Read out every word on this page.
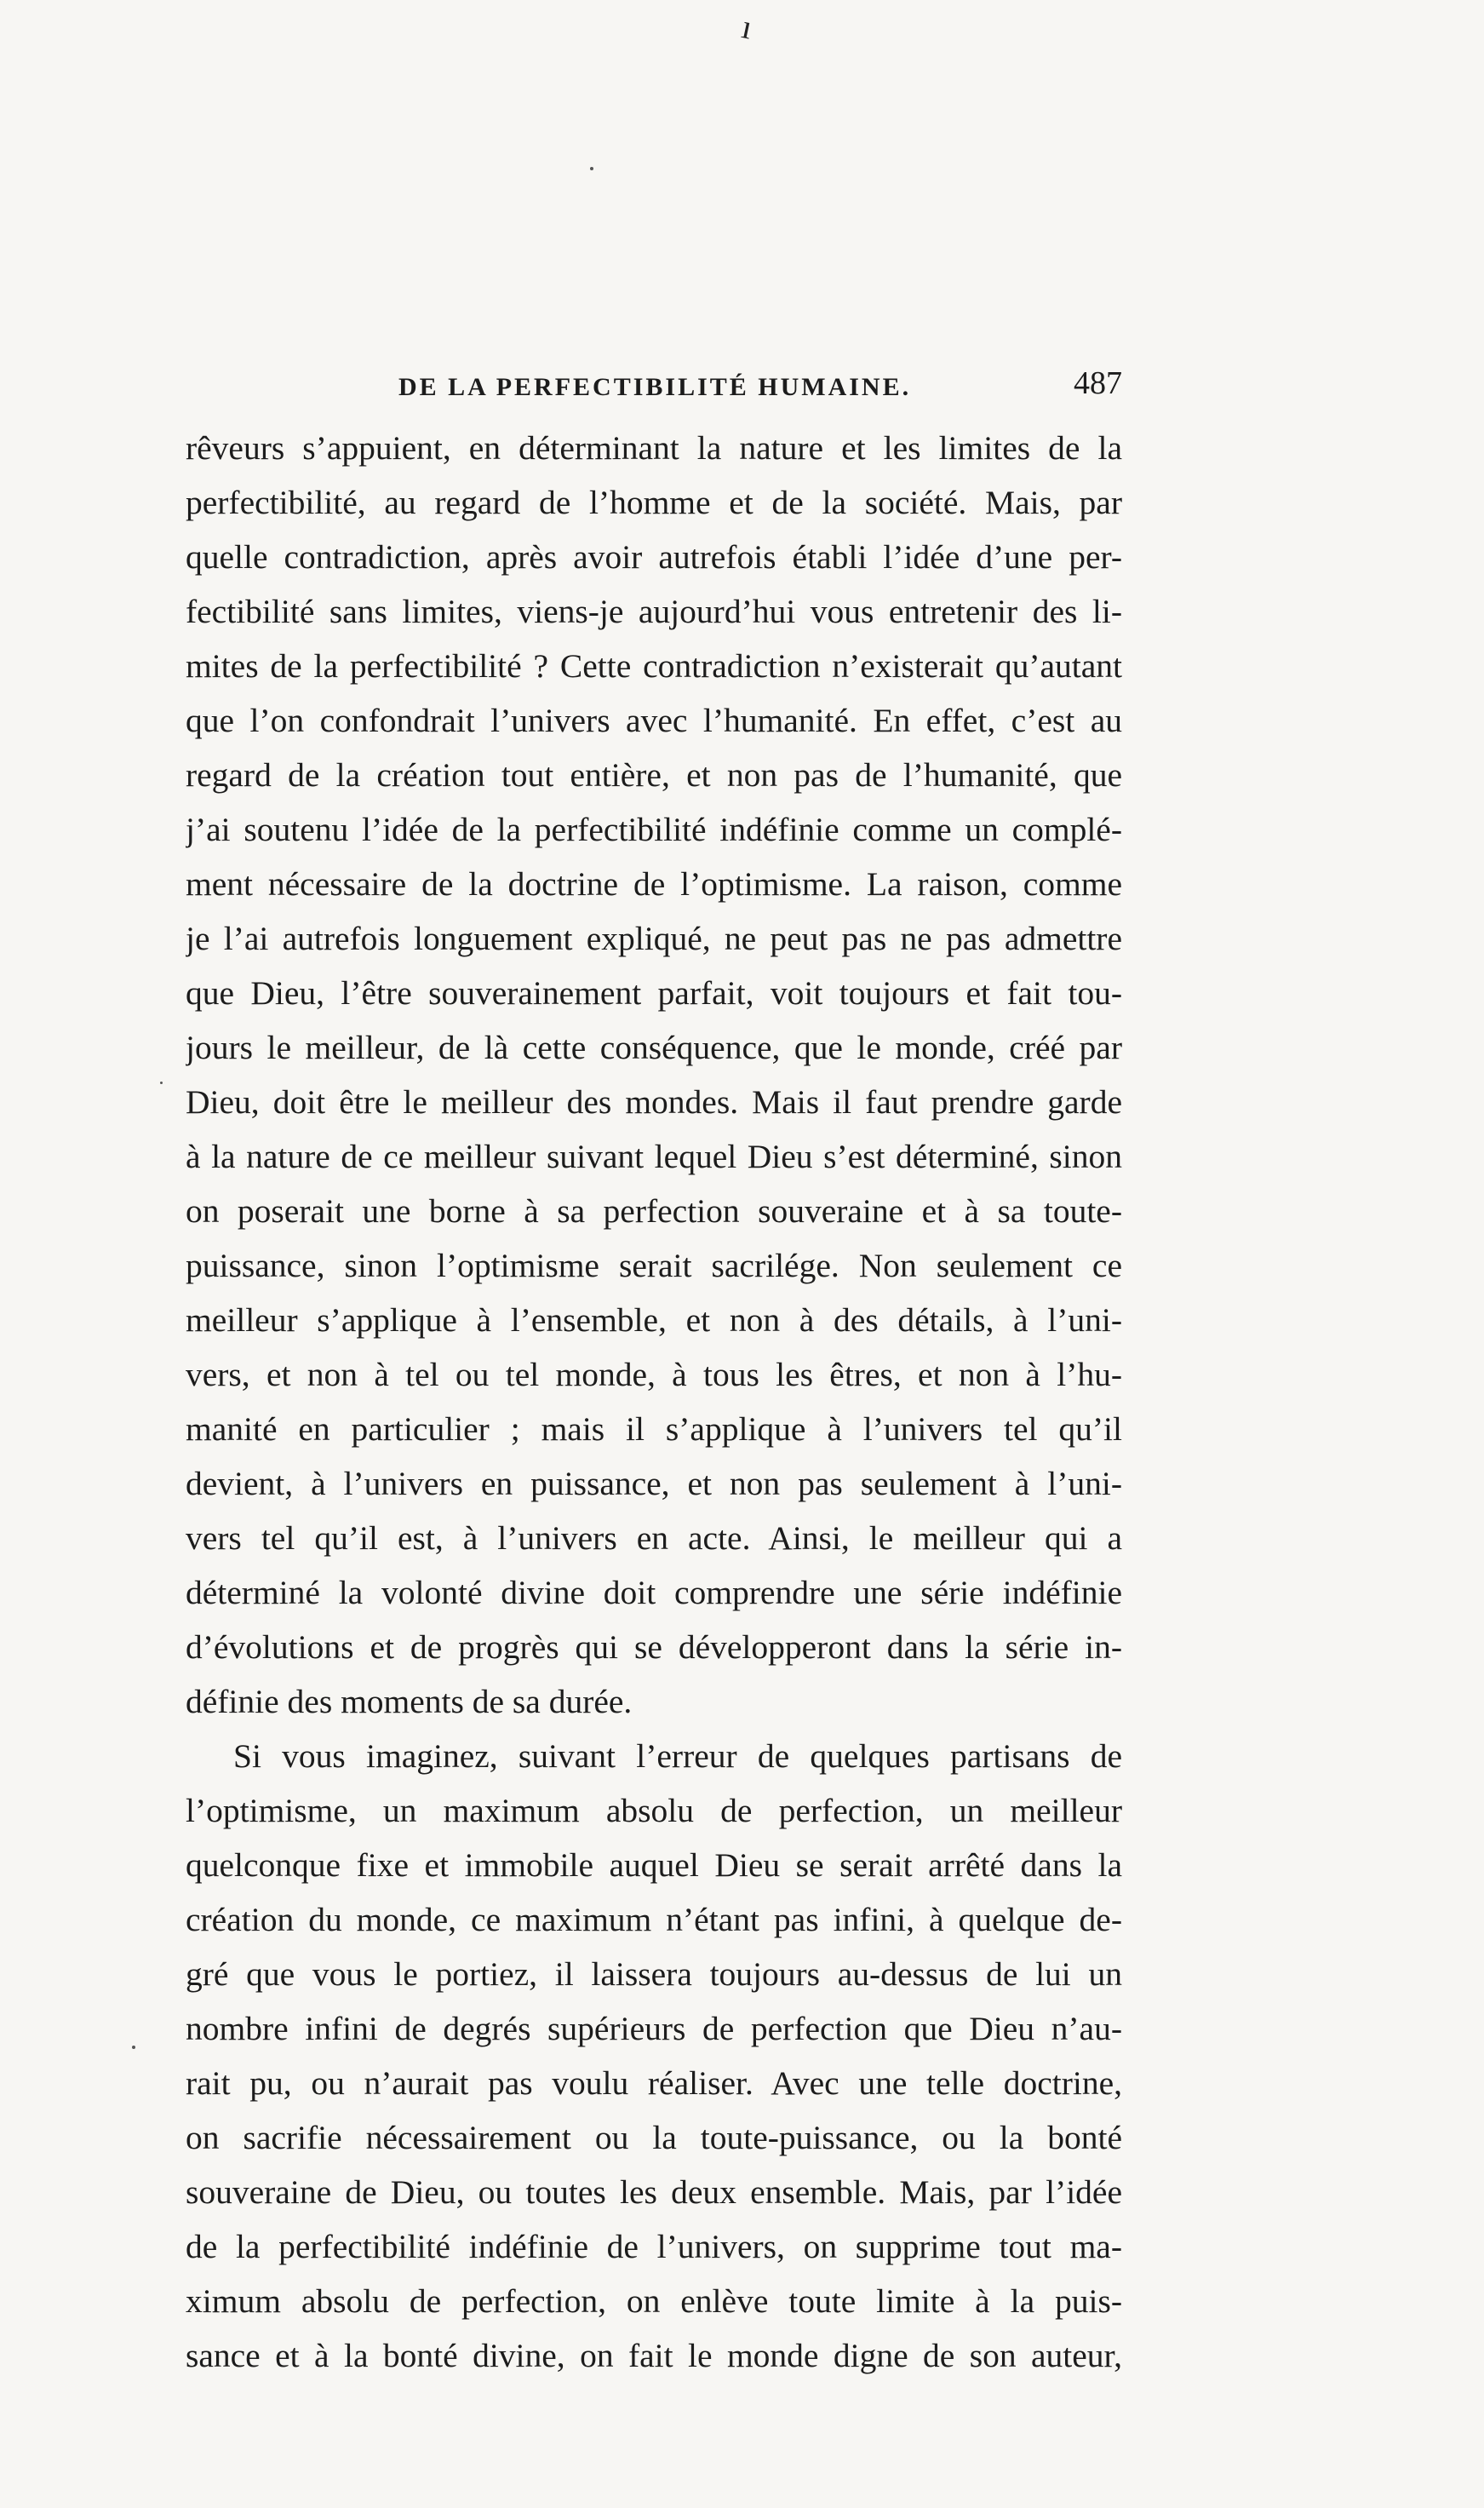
ı
DE LA PERFECTIBILITÉ HUMAINE.	487
rêveurs s’appuient, en déterminant la nature et les limites de la
perfectibilité, au regard de l’homme et de la société. Mais, par
quelle contradiction, après avoir autrefois établi l’idée d’une per-
fectibilité sans limites, viens-je aujourd’hui vous entretenir des li-
mites de la perfectibilité ? Cette contradiction n’existerait qu’autant
que l’on confondrait l’univers avec l’humanité. En effet, c’est au
regard de la création tout entière, et non pas de l’humanité, que
j’ai soutenu l’idée de la perfectibilité indéfinie comme un complé-
ment nécessaire de la doctrine de l’optimisme. La raison, comme
je l’ai autrefois longuement expliqué, ne peut pas ne pas admettre
que Dieu, l’être souverainement parfait, voit toujours et fait tou-
jours le meilleur, de là cette conséquence, que le monde, créé par
Dieu, doit être le meilleur des mondes. Mais il faut prendre garde
à la nature de ce meilleur suivant lequel Dieu s’est déterminé, sinon
on poserait une borne à sa perfection souveraine et à sa toute-
puissance, sinon l’optimisme serait sacrilége. Non seulement ce
meilleur s’applique à l’ensemble, et non à des détails, à l’uni-
vers, et non à tel ou tel monde, à tous les êtres, et non à l’hu-
manité en particulier ; mais il s’applique à l’univers tel qu’il
devient, à l’univers en puissance, et non pas seulement à l’uni-
vers tel qu’il est, à l’univers en acte. Ainsi, le meilleur qui a
déterminé la volonté divine doit comprendre une série indéfinie
d’évolutions et de progrès qui se développeront dans la série in-
définie des moments de sa durée.
Si vous imaginez, suivant l’erreur de quelques partisans de
l’optimisme, un maximum absolu de perfection, un meilleur
quelconque fixe et immobile auquel Dieu se serait arrêté dans la
création du monde, ce maximum n’étant pas infini, à quelque de-
gré que vous le portiez, il laissera toujours au-dessus de lui un
nombre infini de degrés supérieurs de perfection que Dieu n’au-
rait pu, ou n’aurait pas voulu réaliser. Avec une telle doctrine,
on sacrifie nécessairement ou la toute-puissance, ou la bonté
souveraine de Dieu, ou toutes les deux ensemble. Mais, par l’idée
de la perfectibilité indéfinie de l’univers, on supprime tout ma-
ximum absolu de perfection, on enlève toute limite à la puis-
sance et à la bonté divine, on fait le monde digne de son auteur,
